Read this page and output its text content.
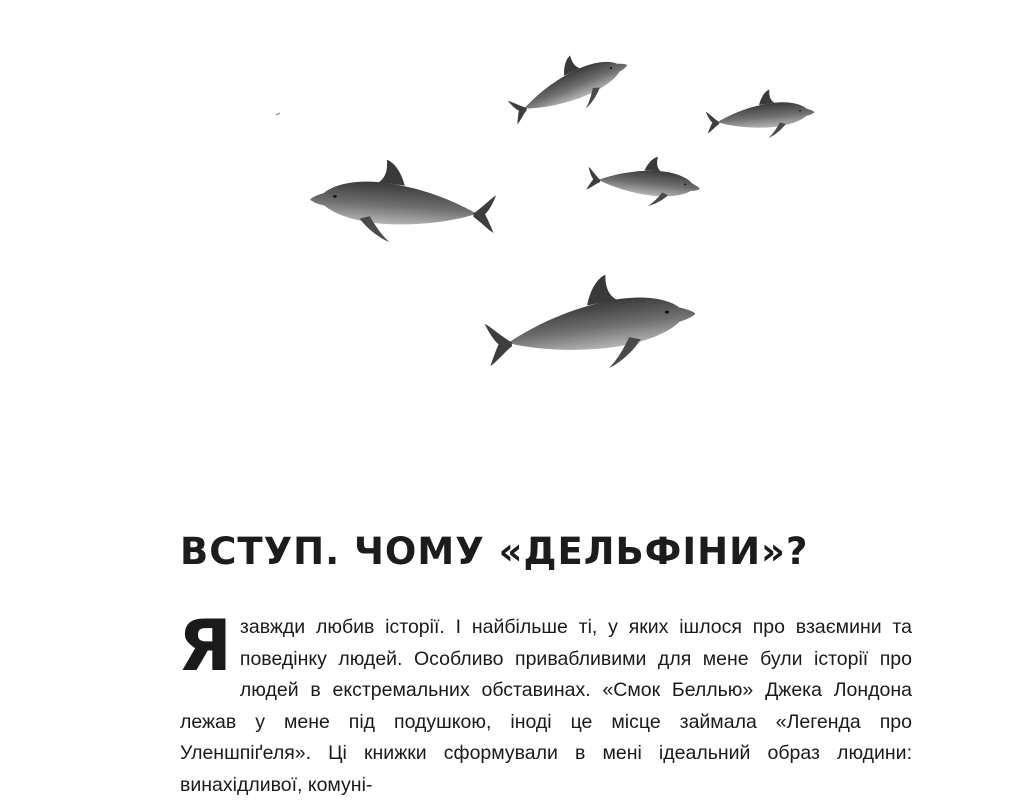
ВСТУП. ЧОМУ «ДЕЛЬФІНИ»?

Язавжди любив історії. І найбільше ті, у яких ішлося про взаємини та поведінку людей. Особливо привабливими для мене були історії про людей в екстремальних обставинах. «Смок Беллью» Джека Лондона лежав у мене під подушкою, іноді це місце займала «Легенда про Уленшпіґеля». Ці книжки сформували в мені ідеальний образ людини: винахідливої, комуні-
